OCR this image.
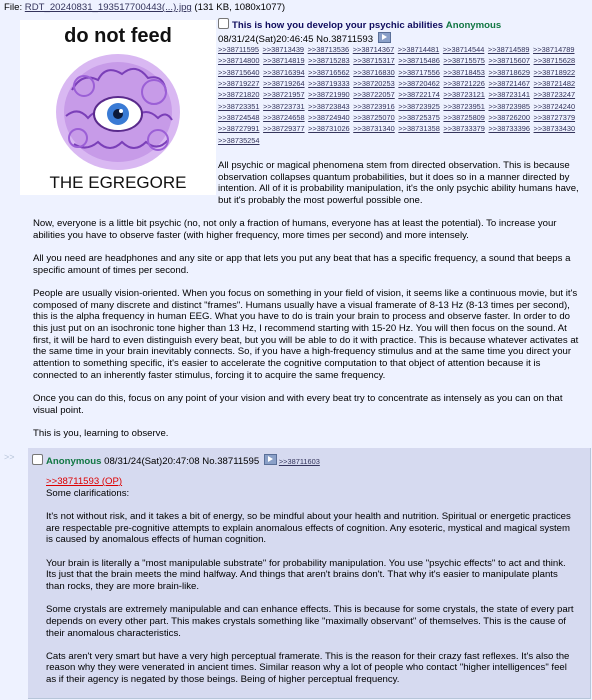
File: RDT_20240831_193517700443(...).jpg (131 KB, 1080x1077)
do not feed
THE EGREGORE
This is how you develop your psychic abilities Anonymous
08/31/24(Sat)20:46:45 No.38711593
>>38711595 >>38713439 >>38713536 >>38714367 >>38714481 >>38714544 >>38714589 >>38714789 >>38714800 >>38714819 >>38715283 >>38715317 >>38715486 >>38715575 >>38715607 >>38715628 >>38715640 >>38716394 >>38716562 >>38716830 >>38717556 >>38718453 >>38718629 >>38718922 >>38719227 >>38719264 >>38719333 >>38720253 >>38720462 >>38721226 >>38721467 >>38721482 >>38721820 >>38721957 >>38721990 >>38722057 >>38722174 >>38723121 >>38723141 >>38723247 >>38723351 >>38723731 >>38723843 >>38723916 >>38723925 >>38723951 >>38723985 >>38724240 >>38724548 >>38724658 >>38724940 >>38725070 >>38725375 >>38725809 >>38726200 >>38727379 >>38727991 >>38729377 >>38731026 >>38731340 >>38731358 >>38733379 >>38733396 >>38733430 >>38735254
All psychic or magical phenomena stem from directed observation. This is because observation collapses quantum probabilities, but it does so in a manner directed by intention. All of it is probability manipulation, it's the only psychic ability humans have, but it's probably the most powerful possible one.

Now, everyone is a little bit psychic (no, not only a fraction of humans, everyone has at least the potential). To increase your abilities you have to observe faster (with higher frequency, more times per second) and more intensely.

All you need are headphones and any site or app that lets you put any beat that has a specific frequency, a sound that beeps a specific amount of times per second.

People are usually vision-oriented. When you focus on something in your field of vision, it seems like a continuous movie, but it's composed of many discrete and distinct "frames". Humans usually have a visual framerate of 8-13 Hz (8-13 times per second), this is the alpha frequency in human EEG. What you have to do is train your brain to process and observe faster. In order to do this just put on an isochronic tone higher than 13 Hz, I recommend starting with 15-20 Hz. You will then focus on the sound. At first, it will be hard to even distinguish every beat, but you will be able to do it with practice. This is because whatever activates at the same time in your brain inevitably connects. So, if you have a high-frequency stimulus and at the same time you direct your attention to something specific, it's easier to accelerate the cognitive computation to that object of attention because it is connected to an inherently faster stimulus, forcing it to acquire the same frequency.

Once you can do this, focus on any point of your vision and with every beat try to concentrate as intensely as you can on that visual point.

This is you, learning to observe.

>>	Anonymous 08/31/24(Sat)20:47:08 No.38711595	>>38711603
>>38711593 (OP)

Some clarifications:

It's not without risk, and it takes a bit of energy, so be mindful about your health and nutrition. Spiritual or energetic practices are respectable pre-cognitive attempts to explain anomalous effects of cognition. Any esoteric, mystical and magical system is caused by anomalous effects of human cognition.

Your brain is literally a "most manipulable substrate" for probability manipulation. You use "psychic effects" to act and think. Its just that the brain meets the mind halfway. And things that aren't brains don't. That why it's easier to manipulate plants than rocks, they are more brain-like.

Some crystals are extremely manipulable and can enhance effects. This is because for some crystals, the state of every part depends on every other part. This makes crystals something like "maximally observant" of themselves. This is the cause of their anomalous characteristics.

Cats aren't very smart but have a very high perceptual framerate. This is the reason for their crazy fast reflexes. It's also the reason why they were venerated in ancient times. Similar reason why a lot of people who contact "higher intelligences" feel as if their agency is negated by those beings. Being of higher perceptual frequency.
